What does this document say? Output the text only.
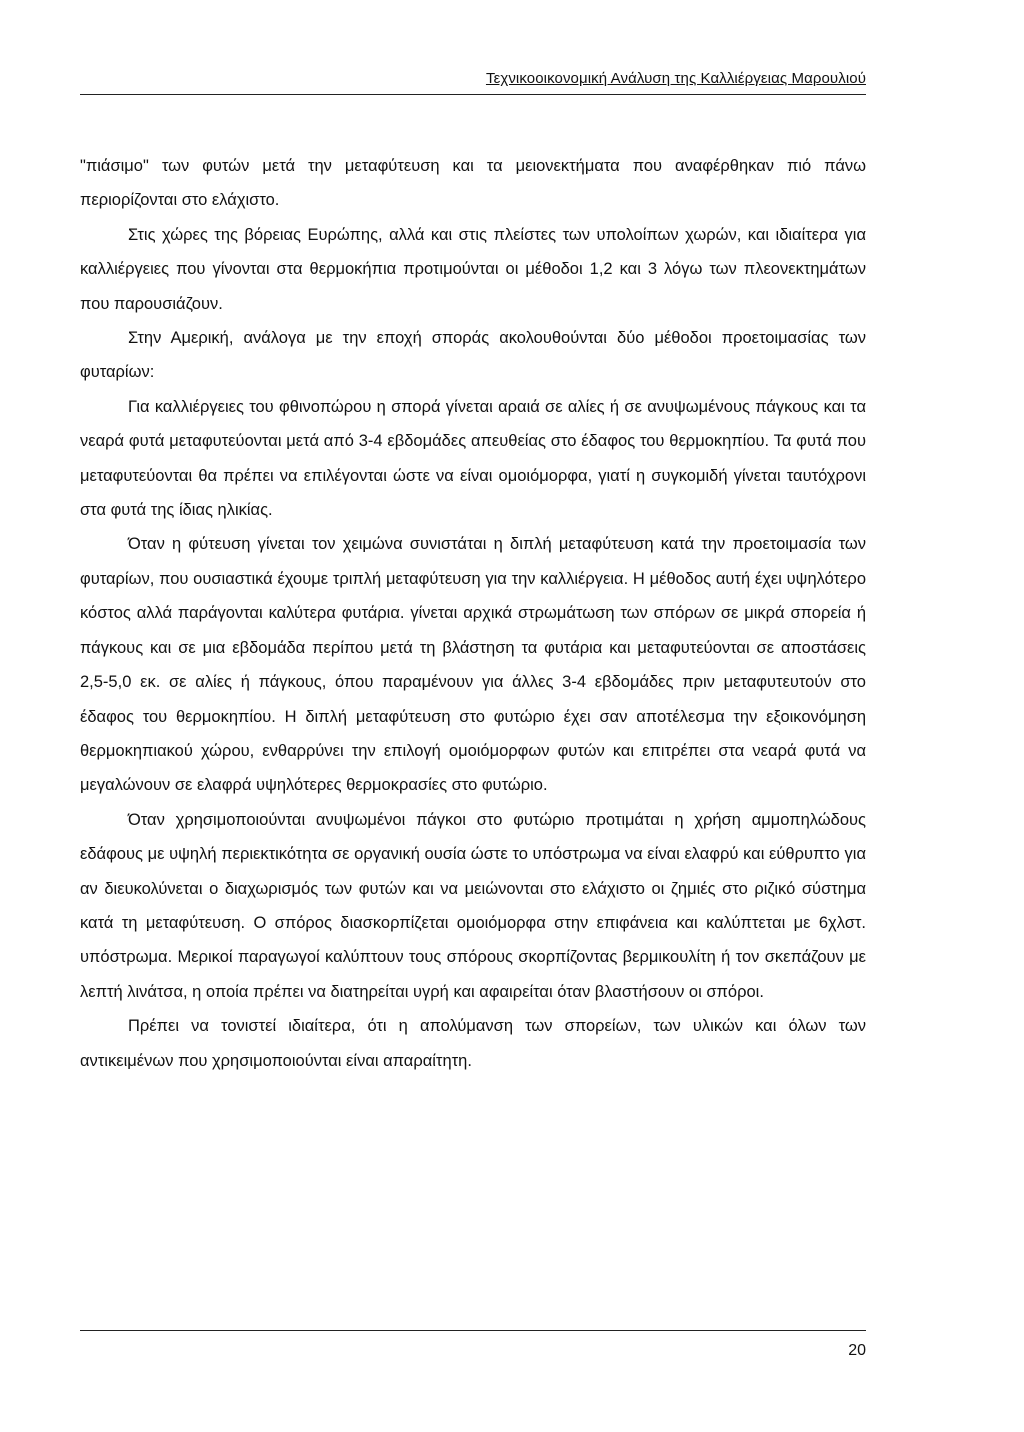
Τεχνικοοικονομική Ανάλυση της Καλλιέργειας Μαρουλιού

"πιάσιμο" των φυτών μετά την μεταφύτευση και τα μειονεκτήματα που αναφέρθηκαν πιό πάνω περιορίζονται στο ελάχιστο.

Στις χώρες της βόρειας Ευρώπης, αλλά και στις πλείστες των υπολοίπων χωρών, και ιδιαίτερα για καλλιέργειες που γίνονται στα θερμοκήπια προτιμούνται οι μέθοδοι 1,2 και 3 λόγω των πλεονεκτημάτων που παρουσιάζουν.

Στην Αμερική, ανάλογα με την εποχή σποράς ακολουθούνται δύο μέθοδοι προετοιμασίας των φυταρίων:

Για καλλιέργειες του φθινοπώρου η σπορά γίνεται αραιά σε αλίες ή σε ανυψωμένους πάγκους και τα νεαρά φυτά μεταφυτεύονται μετά από 3-4 εβδομάδες απευθείας στο έδαφος του θερμοκηπίου. Τα φυτά που μεταφυτεύονται θα πρέπει να επιλέγονται ώστε να είναι ομοιόμορφα, γιατί η συγκομιδή γίνεται ταυτόχρονι στα φυτά της ίδιας ηλικίας.

Όταν η φύτευση γίνεται τον χειμώνα συνιστάται η διπλή μεταφύτευση κατά την προετοιμασία των φυταρίων, που ουσιαστικά έχουμε τριπλή μεταφύτευση για την καλλιέργεια. Η μέθοδος αυτή έχει υψηλότερο κόστος αλλά παράγονται καλύτερα φυτάρια. γίνεται αρχικά στρωμάτωση των σπόρων σε μικρά σπορεία ή πάγκους και σε μια εβδομάδα περίπου μετά τη βλάστηση τα φυτάρια και μεταφυτεύονται σε αποστάσεις 2,5-5,0 εκ. σε αλίες ή πάγκους, όπου παραμένουν για άλλες 3-4 εβδομάδες πριν μεταφυτευτούν στο έδαφος του θερμοκηπίου. Η διπλή μεταφύτευση στο φυτώριο έχει σαν αποτέλεσμα την εξοικονόμηση θερμοκηπιακού χώρου, ενθαρρύνει την επιλογή ομοιόμορφων φυτών και επιτρέπει στα νεαρά φυτά να μεγαλώνουν σε ελαφρά υψηλότερες θερμοκρασίες στο φυτώριο.

Όταν χρησιμοποιούνται ανυψωμένοι πάγκοι στο φυτώριο προτιμάται η χρήση αμμοπηλώδους εδάφους με υψηλή περιεκτικότητα σε οργανική ουσία ώστε το υπόστρωμα να είναι ελαφρύ και εύθρυπτο για αν διευκολύνεται ο διαχωρισμός των φυτών και να μειώνονται στο ελάχιστο οι ζημιές στο ριζικό σύστημα κατά τη μεταφύτευση. Ο σπόρος διασκορπίζεται ομοιόμορφα στην επιφάνεια και καλύπτεται με 6χλστ. υπόστρωμα. Μερικοί παραγωγοί καλύπτουν τους σπόρους σκορπίζοντας βερμικουλίτη ή τον σκεπάζουν με λεπτή λινάτσα, η οποία πρέπει να διατηρείται υγρή και αφαιρείται όταν βλαστήσουν οι σπόροι.

Πρέπει να τονιστεί ιδιαίτερα, ότι η απολύμανση των σπορείων, των υλικών και όλων των αντικειμένων που χρησιμοποιούνται είναι απαραίτητη.

20
